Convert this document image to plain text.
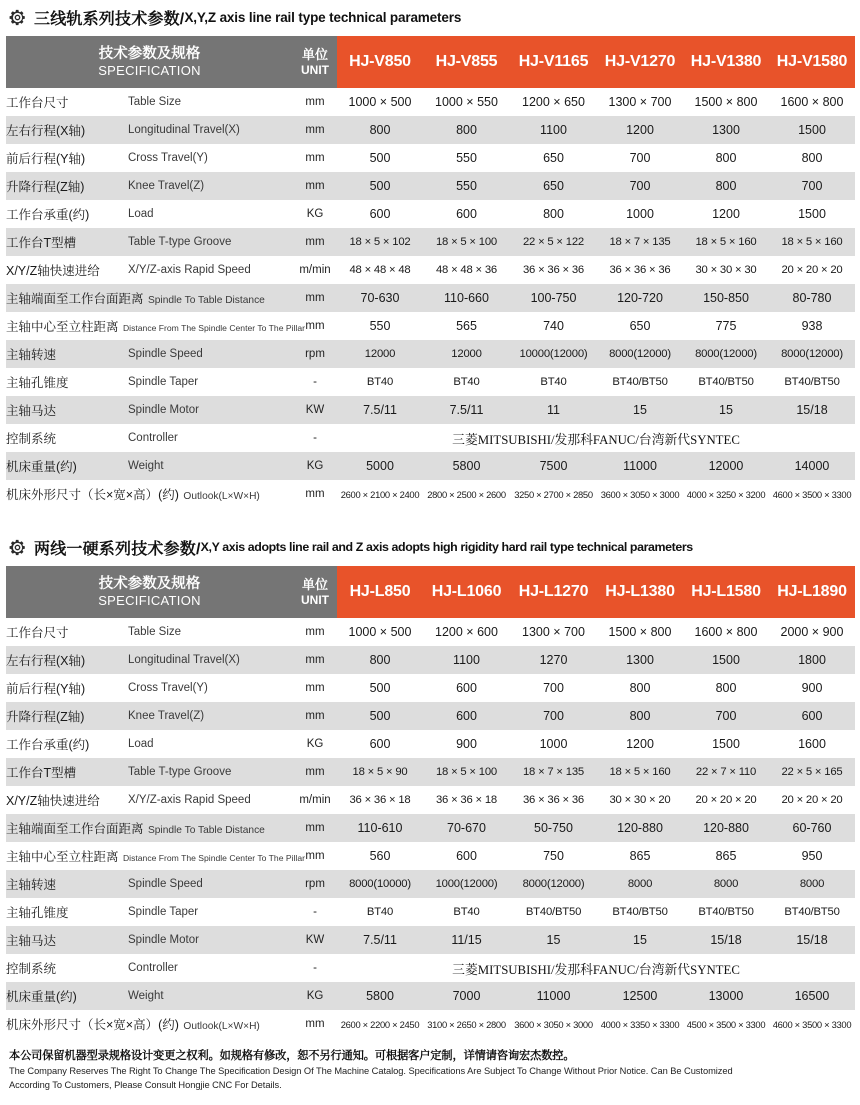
三线轨系列技术参数/ X,Y,Z axis line rail type technical parameters
技术参数及规格
SPECIFICATION

单位
UNIT	HJ-V850	HJ-V855	HJ-V1165	HJ-V1270	HJ-V1380	HJ-V1580
工作台尺寸	Table Size	mm	1000 × 500	1000 × 550	1200 × 650	1300 × 700	1500 × 800	1600 × 800
左右行程(X轴)	Longitudinal Travel(X)	mm	800	800	1100	1200	1300	1500
前后行程(Y轴)	Cross Travel(Y)	mm	500	550	650	700	800	800
升降行程(Z轴)	Knee Travel(Z)	mm	500	550	650	700	800	700
工作台承重(约)	Load	KG	600	600	800	1000	1200	1500
工作台T型槽	Table T-type Groove	mm	18 × 5 × 102	18 × 5 × 100	22 × 5 × 122	18 × 7 × 135	18 × 5 × 160	18 × 5 × 160
X/Y/Z轴快速进给	X/Y/Z-axis Rapid Speed	m/min	48 × 48 × 48	48 × 48 × 36	36 × 36 × 36	36 × 36 × 36	30 × 30 × 30	20 × 20 × 20
主轴端面至工作台面距离 Spindle To Table Distance		mm	70-630	110-660	100-750	120-720	150-850	80-780
主轴中心至立柱距离 Distance From The Spindle Center To The Pillar		mm	550	565	740	650	775	938
主轴转速	Spindle Speed	rpm	12000	12000	10000(12000)	8000(12000)	8000(12000)	8000(12000)
主轴孔锥度	Spindle Taper	-	BT40	BT40	BT40	BT40/BT50	BT40/BT50	BT40/BT50
主轴马达	Spindle Motor	KW	7.5/11	7.5/11	11	15	15	15/18
控制系统	Controller	-	三菱MITSUBISHI/发那科FANUC/台湾新代SYNTEC					
机床重量(约)	Weight	KG	5000	5800	7500	11000	12000	14000
机床外形尺寸（长×宽×高）(约) Outlook(L×W×H)		mm	2600 × 2100 × 2400	2800 × 2500 × 2600	3250 × 2700 × 2850	3600 × 3050 × 3000	4000 × 3250 × 3200	4600 × 3500 × 3300
两线一硬系列技术参数/ X,Y axis adopts line rail and Z axis adopts high rigidity hard rail type technical parameters
技术参数及规格
SPECIFICATION

单位
UNIT	HJ-L850	HJ-L1060	HJ-L1270	HJ-L1380	HJ-L1580	HJ-L1890
工作台尺寸	Table Size	mm	1000 × 500	1200 × 600	1300 × 700	1500 × 800	1600 × 800	2000 × 900
左右行程(X轴)	Longitudinal Travel(X)	mm	800	1100	1270	1300	1500	1800
前后行程(Y轴)	Cross Travel(Y)	mm	500	600	700	800	800	900
升降行程(Z轴)	Knee Travel(Z)	mm	500	600	700	800	700	600
工作台承重(约)	Load	KG	600	900	1000	1200	1500	1600
工作台T型槽	Table T-type Groove	mm	18 × 5 × 90	18 × 5 × 100	18 × 7 × 135	18 × 5 × 160	22 × 7 × 110	22 × 5 × 165
X/Y/Z轴快速进给	X/Y/Z-axis Rapid Speed	m/min	36 × 36 × 18	36 × 36 × 18	36 × 36 × 36	30 × 30 × 20	20 × 20 × 20	20 × 20 × 20
主轴端面至工作台面距离 Spindle To Table Distance		mm	110-610	70-670	50-750	120-880	120-880	60-760
主轴中心至立柱距离 Distance From The Spindle Center To The Pillar		mm	560	600	750	865	865	950
主轴转速	Spindle Speed	rpm	8000(10000)	1000(12000)	8000(12000)	8000	8000	8000
主轴孔锥度	Spindle Taper	-	BT40	BT40	BT40/BT50	BT40/BT50	BT40/BT50	BT40/BT50
主轴马达	Spindle Motor	KW	7.5/11	11/15	15	15	15/18	15/18
控制系统	Controller	-	三菱MITSUBISHI/发那科FANUC/台湾新代SYNTEC					
机床重量(约)	Weight	KG	5800	7000	11000	12500	13000	16500
机床外形尺寸（长×宽×高）(约) Outlook(L×W×H)		mm	2600 × 2200 × 2450	3100 × 2650 × 2800	3600 × 3050 × 3000	4000 × 3350 × 3300	4500 × 3500 × 3300	4600 × 3500 × 3300
本公司保留机器型录规格设计变更之权利。如规格有修改，恕不另行通知。可根据客户定制，详情请咨询宏杰数控。
The Company Reserves The Right To Change The Specification Design Of The Machine Catalog. Specifications Are Subject To Change Without Prior Notice. Can Be Customized
According To Customers, Please Consult Hongjie CNC For Details.
